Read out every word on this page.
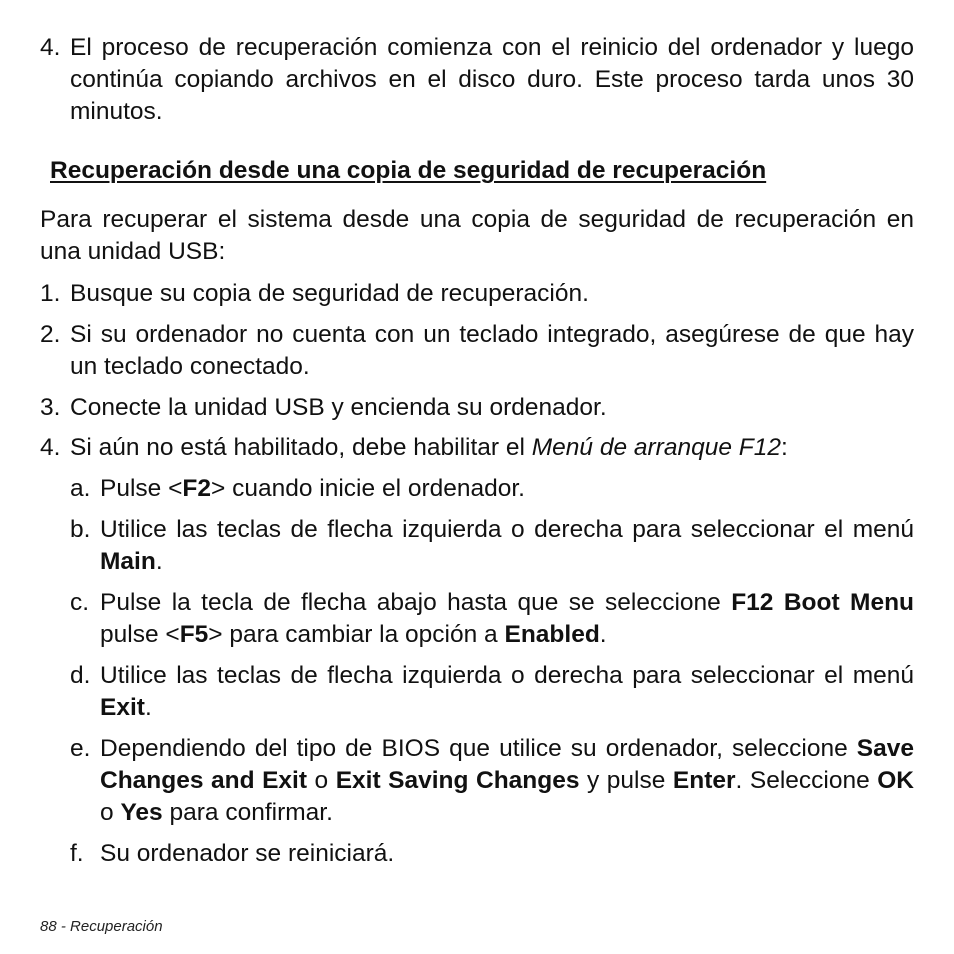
4. El proceso de recuperación comienza con el reinicio del ordenador y luego continúa copiando archivos en el disco duro. Este proceso tarda unos 30 minutos.
Recuperación desde una copia de seguridad de recuperación
Para recuperar el sistema desde una copia de seguridad de recuperación en una unidad USB:
1. Busque su copia de seguridad de recuperación.
2. Si su ordenador no cuenta con un teclado integrado, asegúrese de que hay un teclado conectado.
3. Conecte la unidad USB y encienda su ordenador.
4. Si aún no está habilitado, debe habilitar el Menú de arranque F12:
a. Pulse <F2> cuando inicie el ordenador.
b. Utilice las teclas de flecha izquierda o derecha para seleccionar el menú Main.
c. Pulse la tecla de flecha abajo hasta que se seleccione F12 Boot Menu pulse <F5> para cambiar la opción a Enabled.
d. Utilice las teclas de flecha izquierda o derecha para seleccionar el menú Exit.
e. Dependiendo del tipo de BIOS que utilice su ordenador, seleccione Save Changes and Exit o Exit Saving Changes y pulse Enter. Seleccione OK o Yes para confirmar.
f. Su ordenador se reiniciará.
88 - Recuperación
